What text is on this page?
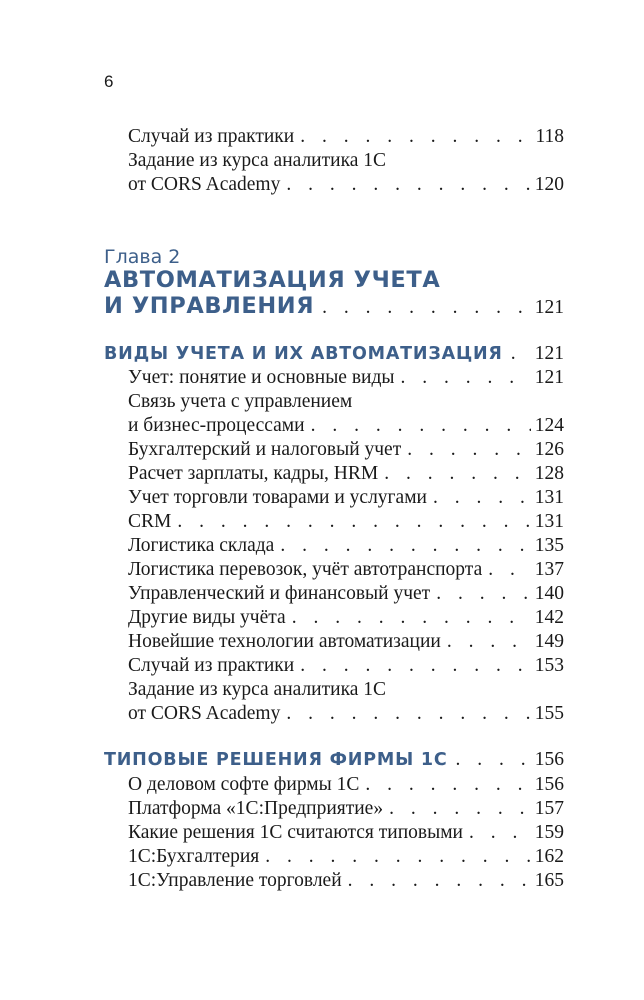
6
Случай из практики . . .	118
Задание из курса аналитика 1С
от CORS Academy . . .	120
Глава 2
АВТОМАТИЗАЦИЯ УЧЕТА
И УПРАВЛЕНИЯ . . .	121
ВИДЫ УЧЕТА И ИХ АВТОМАТИЗАЦИЯ . . . 121
Учет: понятие и основные виды . . .	121
Связь учета с управлением
и бизнес-процессами . . .	124
Бухгалтерский и налоговый учет . . .	126
Расчет зарплаты, кадры, HRM . . .	128
Учет торговли товарами и услугами . . .	131
CRM . . .	131
Логистика склада . . .	135
Логистика перевозок, учёт автотранспорта . . .	137
Управленческий и финансовый учет . . .	140
Другие виды учёта . . .	142
Новейшие технологии автоматизации . . .	149
Случай из практики . . .	153
Задание из курса аналитика 1С
от CORS Academy . . .	155
ТИПОВЫЕ РЕШЕНИЯ ФИРМЫ 1С . . .	156
О деловом софте фирмы 1С . . .	156
Платформа «1С:Предприятие» . . .	157
Какие решения 1С считаются типовыми . . .	159
1С:Бухгалтерия . . .	162
1С:Управление торговлей . . .	165
